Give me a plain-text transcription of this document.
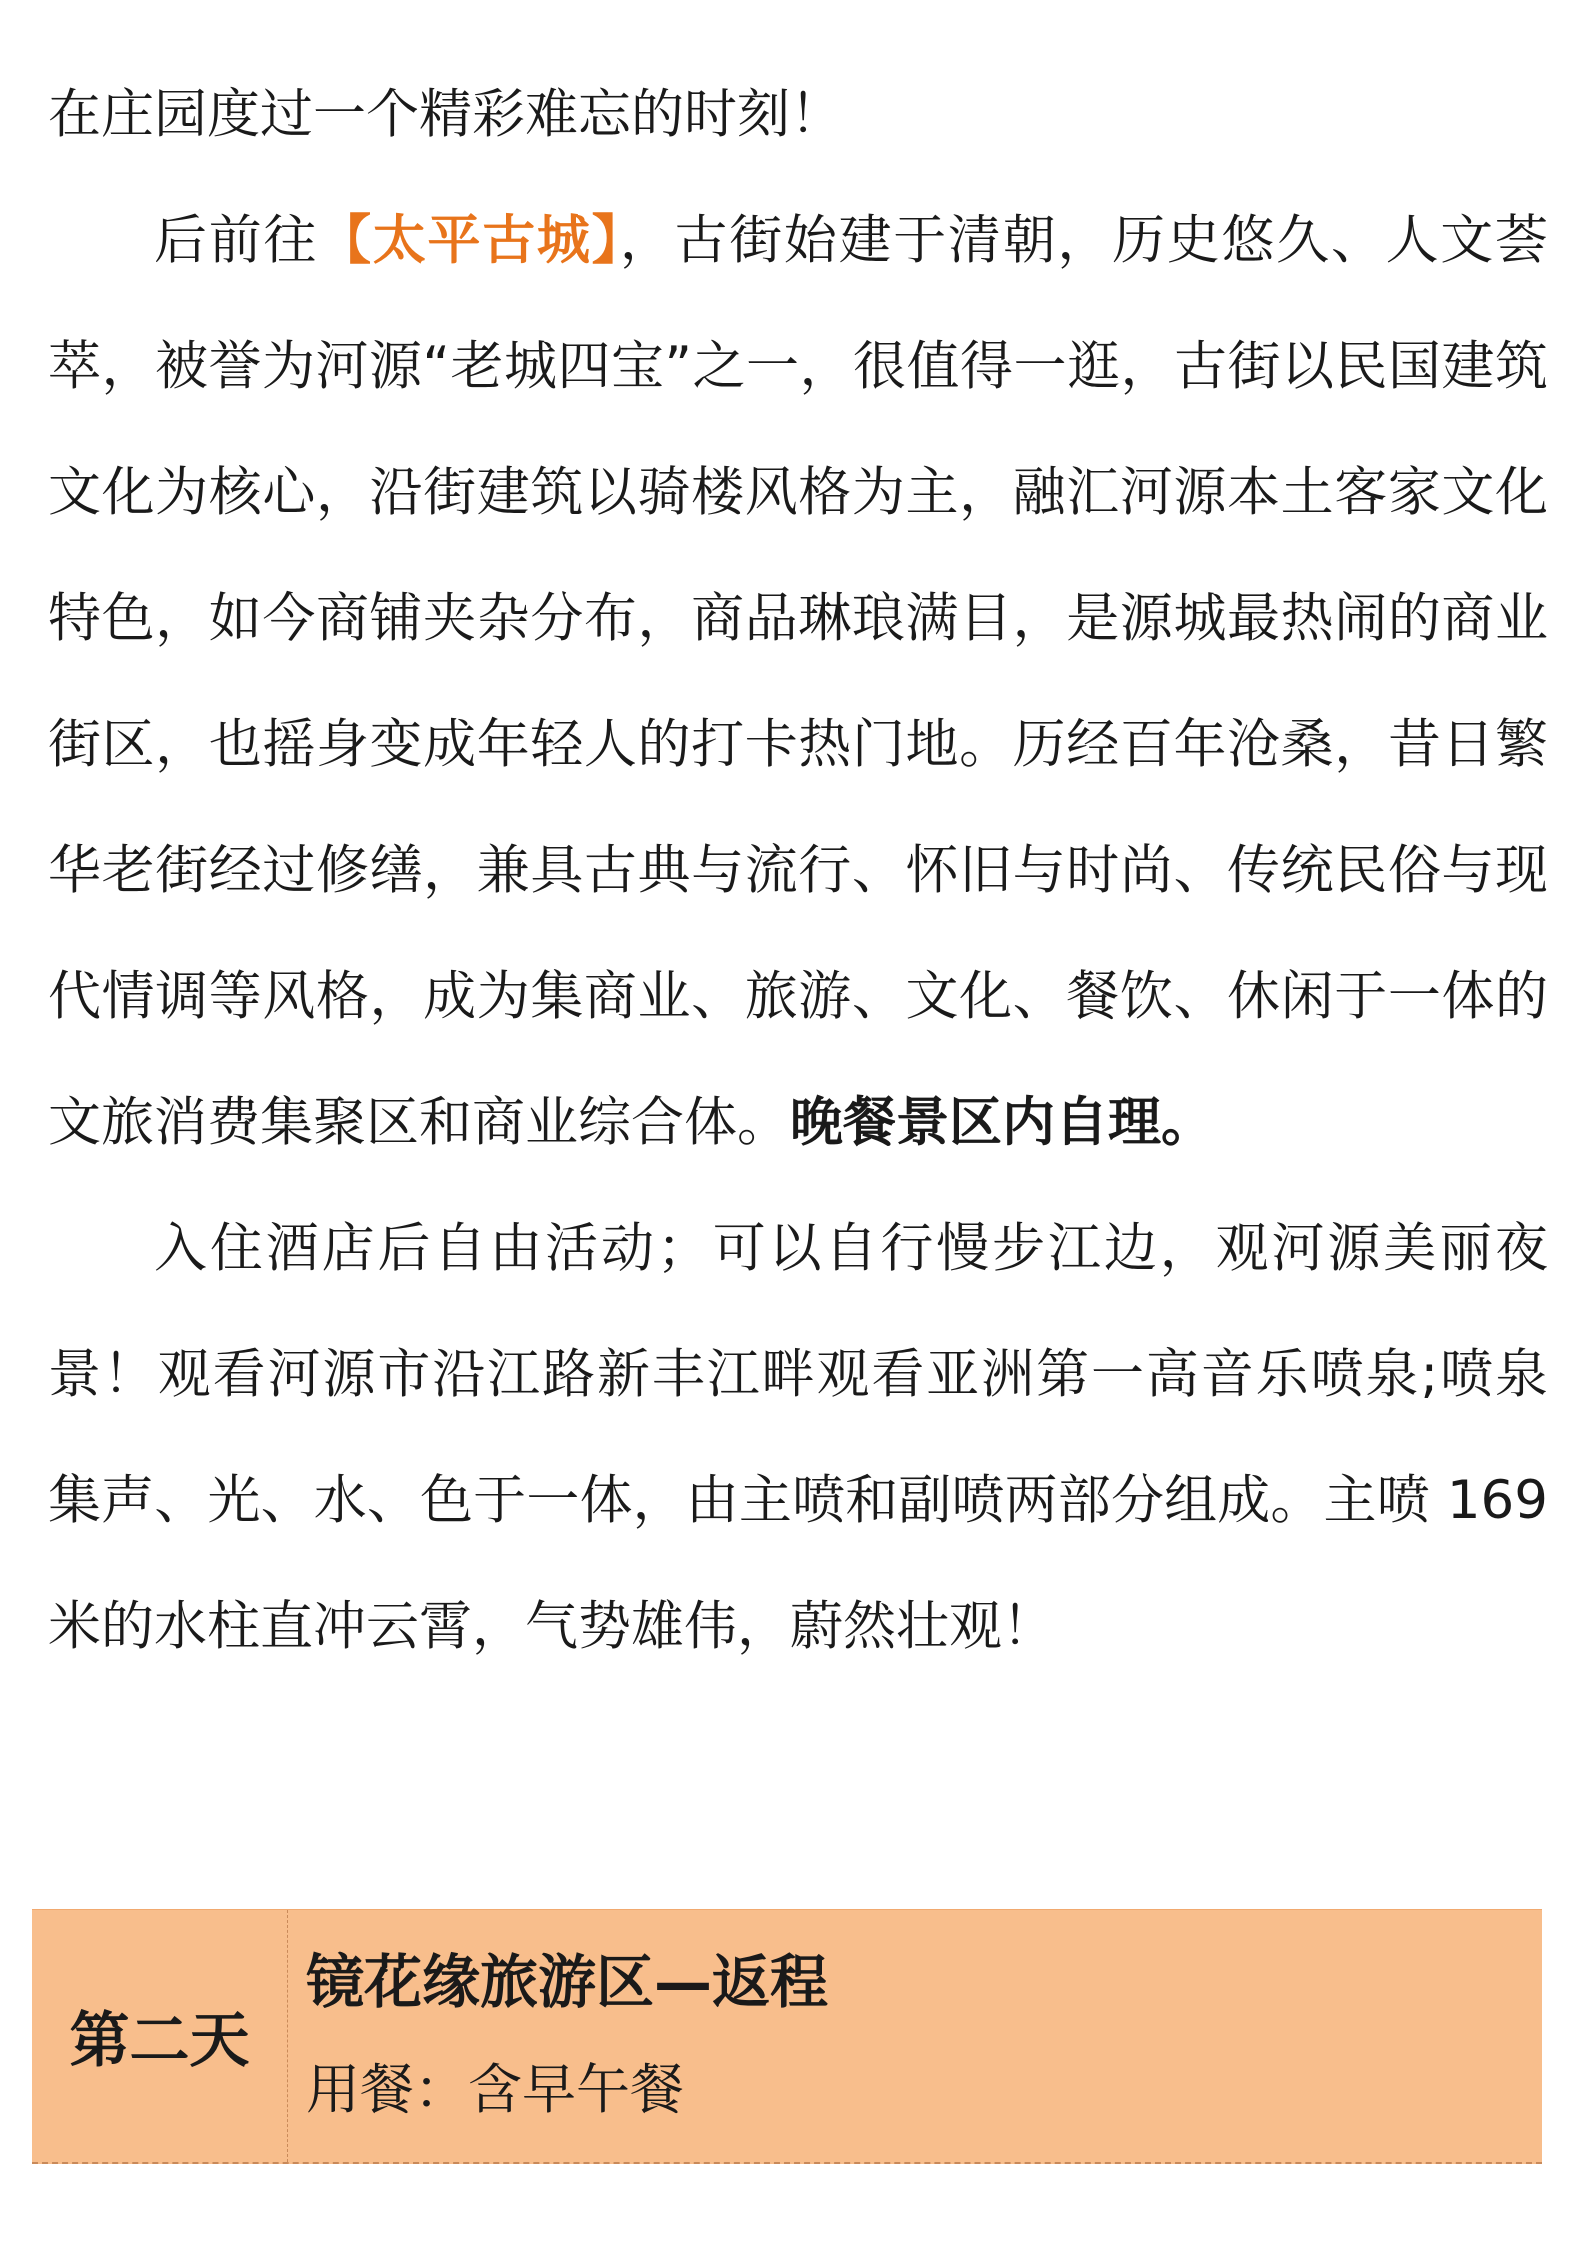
在庄园度过一个精彩难忘的时刻！

后前往【太平古城】，古街始建于清朝，历史悠久、人文荟萃，被誉为河源“老城四宝”之一，很值得一逛，古街以民国建筑文化为核心，沿街建筑以骑楼风格为主，融汇河源本土客家文化特色，如今商铺夹杂分布，商品琳琅满目，是源城最热闹的商业街区，也摇身变成年轻人的打卡热门地。历经百年沧桑，昔日繁华老街经过修缮，兼具古典与流行、怀旧与时尚、传统民俗与现代情调等风格，成为集商业、旅游、文化、餐饮、休闲于一体的文旅消费集聚区和商业综合体。晚餐景区内自理。

入住酒店后自由活动；可以自行慢步江边，观河源美丽夜景！观看河源市沿江路新丰江畔观看亚洲第一高音乐喷泉;喷泉集声、光、水、色于一体，由主喷和副喷两部分组成。主喷 169 米的水柱直冲云霄，气势雄伟，蔚然壮观！

第二天
镜花缘旅游区—返程
用餐：含早午餐
